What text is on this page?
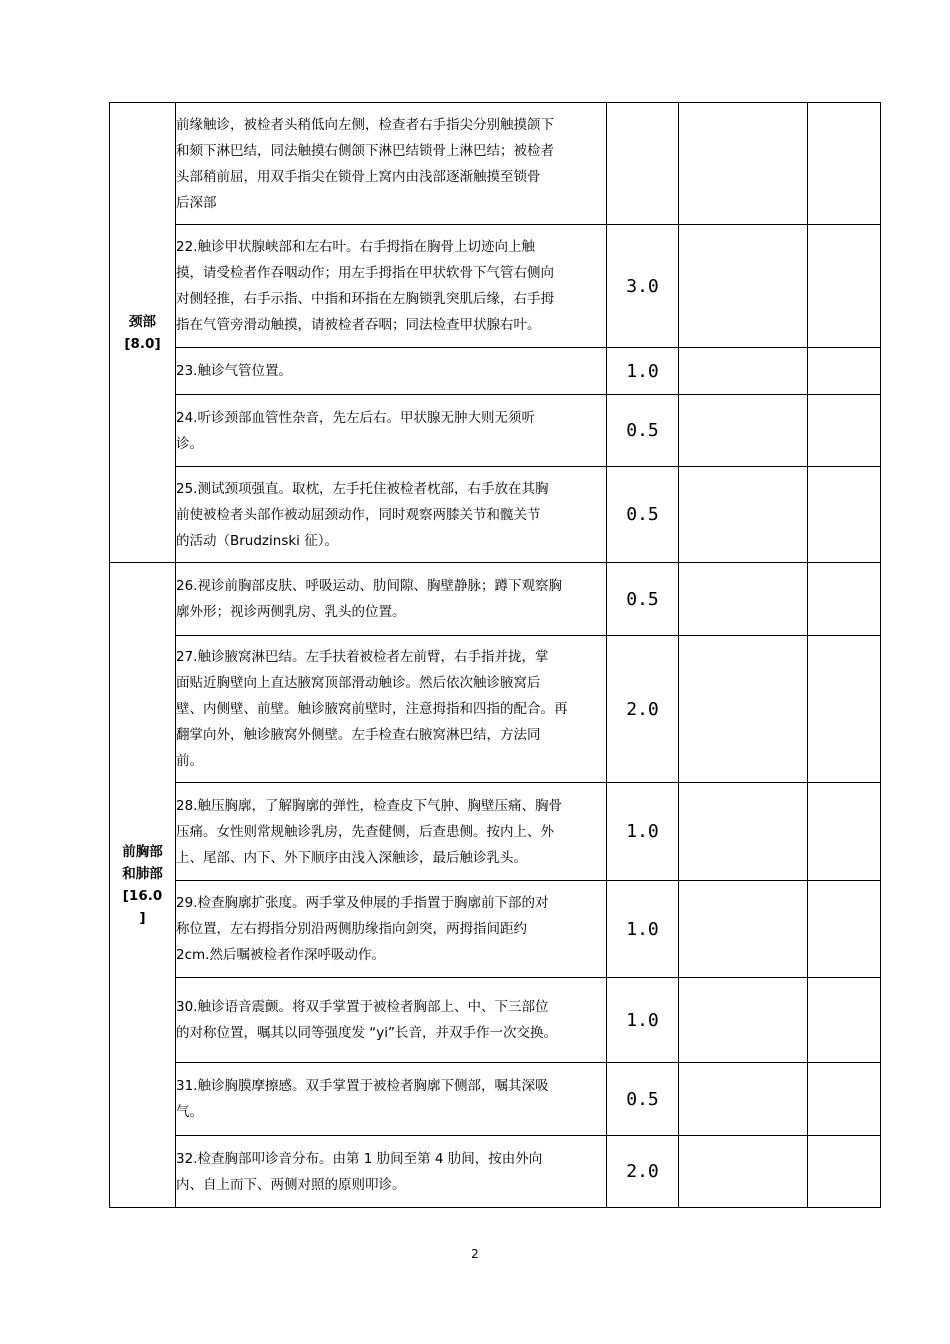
颈部
[8.0]	前缘触诊，被检者头稍低向左侧，检查者右手指尖分别触摸颌下
和颏下淋巴结，同法触摸右侧颌下淋巴结锁骨上淋巴结；被检者
头部稍前屈，用双手指尖在锁骨上窝内由浅部逐渐触摸至锁骨
后深部			
	22.触诊甲状腺峡部和左右叶。右手拇指在胸骨上切迹向上触
摸，请受检者作吞咽动作；用左手拇指在甲状软骨下气管右侧向
对侧轻推，右手示指、中指和环指在左胸锁乳突肌后缘，右手拇
指在气管旁滑动触摸，请被检者吞咽；同法检查甲状腺右叶。	3.0		
	23.触诊气管位置。	1.0		
	24.听诊颈部血管性杂音，先左后右。甲状腺无肿大则无须听
诊。	0.5		
	25.测试颈项强直。取枕，左手托住被检者枕部，右手放在其胸
前使被检者头部作被动屈颈动作，同时观察两膝关节和髋关节
的活动（Brudzinski 征）。	0.5		
前胸部
和肺部
[16.0
]	26.视诊前胸部皮肤、呼吸运动、肋间隙、胸壁静脉；蹲下观察胸
廓外形；视诊两侧乳房、乳头的位置。	0.5		
	27.触诊腋窝淋巴结。左手扶着被检者左前臂，右手指并拢，掌
面贴近胸壁向上直达腋窝顶部滑动触诊。然后依次触诊腋窝后
壁、内侧壁、前壁。触诊腋窝前壁时，注意拇指和四指的配合。再
翻掌向外，触诊腋窝外侧壁。左手检查右腋窝淋巴结，方法同
前。	2.0		
	28.触压胸廓，了解胸廓的弹性，检查皮下气肿、胸壁压痛、胸骨
压痛。女性则常规触诊乳房，先查健侧，后查患侧。按内上、外
上、尾部、内下、外下顺序由浅入深触诊，最后触诊乳头。	1.0		
	29.检查胸廓扩张度。两手掌及伸展的手指置于胸廓前下部的对
称位置，左右拇指分别沿两侧肋缘指向剑突，两拇指间距约
2cm.然后嘱被检者作深呼吸动作。	1.0		
	30.触诊语音震颤。将双手掌置于被检者胸部上、中、下三部位
的对称位置，嘱其以同等强度发 “yi”长音，并双手作一次交换。	1.0		
	31.触诊胸膜摩擦感。双手掌置于被检者胸廓下侧部，嘱其深吸
气。	0.5		
	32.检查胸部叩诊音分布。由第 1 肋间至第 4 肋间，按由外向
内、自上而下、两侧对照的原则叩诊。	2.0		
2
